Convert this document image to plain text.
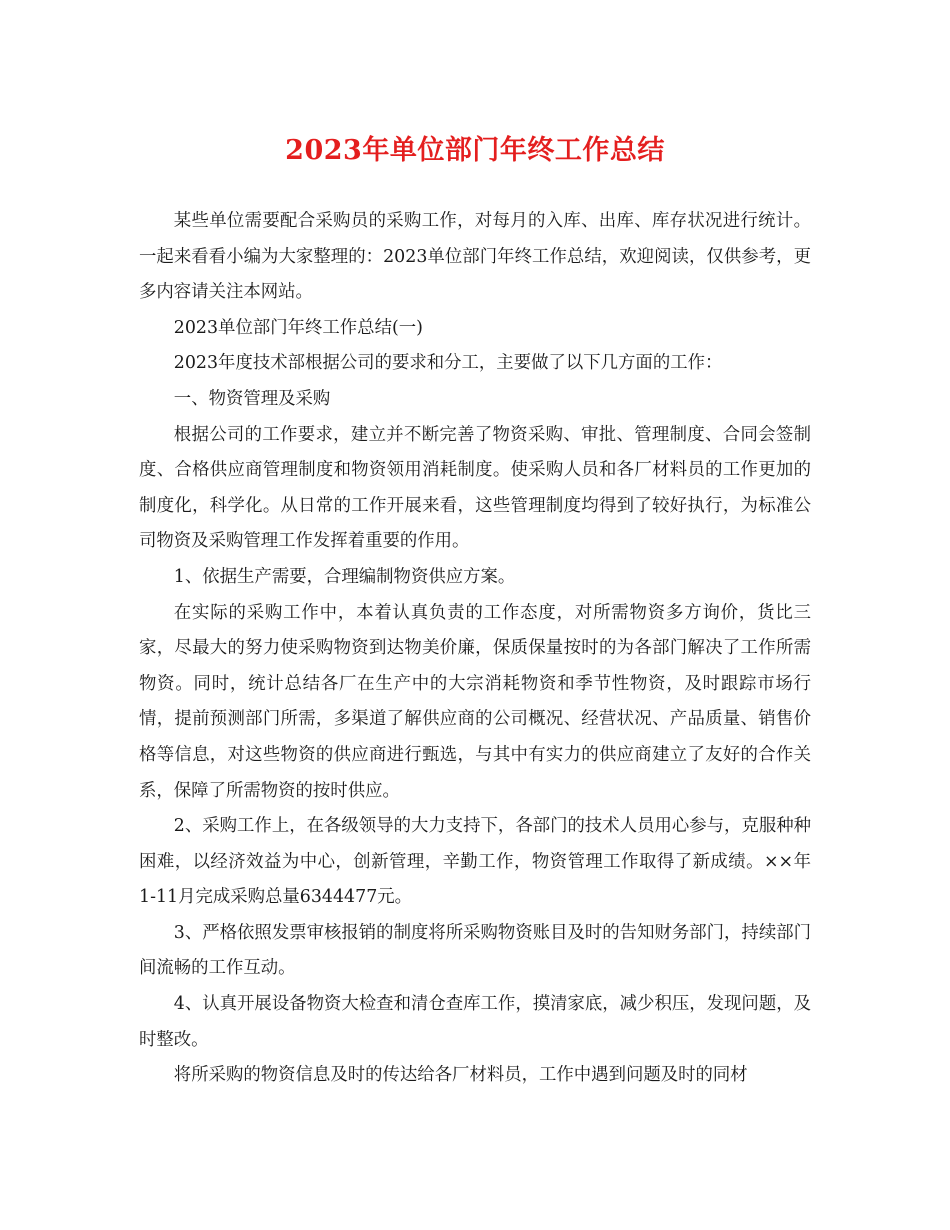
2023年单位部门年终工作总结

某些单位需要配合采购员的采购工作，对每月的入库、出库、库存状况进行统计。一起来看看小编为大家整理的：2023单位部门年终工作总结，欢迎阅读，仅供参考，更多内容请关注本网站。

2023单位部门年终工作总结(一)

2023年度技术部根据公司的要求和分工，主要做了以下几方面的工作：

一、物资管理及采购

根据公司的工作要求，建立并不断完善了物资采购、审批、管理制度、合同会签制度、合格供应商管理制度和物资领用消耗制度。使采购人员和各厂材料员的工作更加的制度化，科学化。从日常的工作开展来看，这些管理制度均得到了较好执行，为标准公司物资及采购管理工作发挥着重要的作用。

1、依据生产需要，合理编制物资供应方案。

在实际的采购工作中，本着认真负责的工作态度，对所需物资多方询价，货比三家，尽最大的努力使采购物资到达物美价廉，保质保量按时的为各部门解决了工作所需物资。同时，统计总结各厂在生产中的大宗消耗物资和季节性物资，及时跟踪市场行情，提前预测部门所需，多渠道了解供应商的公司概况、经营状况、产品质量、销售价格等信息，对这些物资的供应商进行甄选，与其中有实力的供应商建立了友好的合作关系，保障了所需物资的按时供应。

2、采购工作上，在各级领导的大力支持下，各部门的技术人员用心参与，克服种种困难，以经济效益为中心，创新管理，辛勤工作，物资管理工作取得了新成绩。××年1-11月完成采购总量6344477元。

3、严格依照发票审核报销的制度将所采购物资账目及时的告知财务部门，持续部门间流畅的工作互动。

4、认真开展设备物资大检查和清仓查库工作，摸清家底，减少积压，发现问题，及时整改。

将所采购的物资信息及时的传达给各厂材料员，工作中遇到问题及时的同材
